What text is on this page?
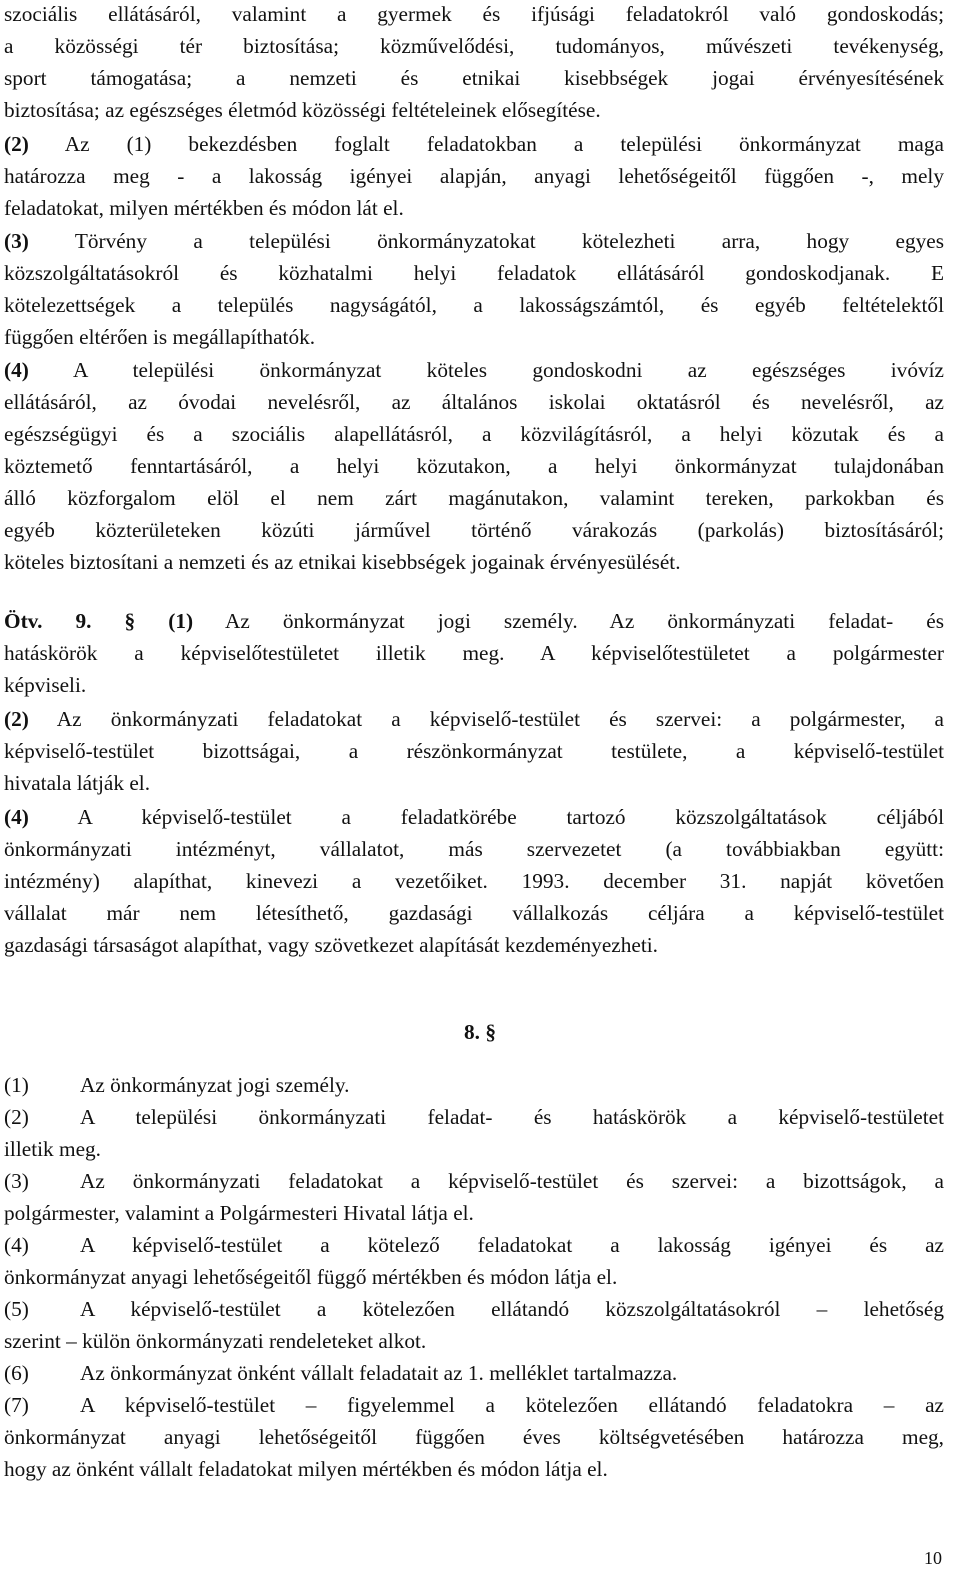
szociális ellátásáról, valamint a gyermek és ifjúsági feladatokról való gondoskodás;
a közösségi tér biztosítása; közművelődési, tudományos, művészeti tevékenység,
sport támogatása; a nemzeti és etnikai kisebbségek jogai érvényesítésének
biztosítása; az egészséges életmód közösségi feltételeinek elősegítése.
(2) Az (1) bekezdésben foglalt feladatokban a települési önkormányzat maga
határozza meg - a lakosság igényei alapján, anyagi lehetőségeitől függően -, mely
feladatokat, milyen mértékben és módon lát el.
(3) Törvény a települési önkormányzatokat kötelezheti arra, hogy egyes
közszolgáltatásokról és közhatalmi helyi feladatok ellátásáról gondoskodjanak. E
kötelezettségek a település nagyságától, a lakosságszámtól, és egyéb feltételektől
függően eltérően is megállapíthatók.
(4) A települési önkormányzat köteles gondoskodni az egészséges ivóvíz
ellátásáról, az óvodai nevelésről, az általános iskolai oktatásról és nevelésről, az
egészségügyi és a szociális alapellátásról, a közvilágításról, a helyi közutak és a
köztemető fenntartásáról, a helyi közutakon, a helyi önkormányzat tulajdonában
álló közforgalom elöl el nem zárt magánutakon, valamint tereken, parkokban és
egyéb közterületeken közúti járművel történő várakozás (parkolás) biztosításáról;
köteles biztosítani a nemzeti és az etnikai kisebbségek jogainak érvényesülését.
Ötv. 9. § (1) Az önkormányzat jogi személy. Az önkormányzati feladat- és
hatáskörök a képviselőtestületet illetik meg. A képviselőtestületet a polgármester
képviseli.
(2) Az önkormányzati feladatokat a képviselő-testület és szervei: a polgármester, a
képviselő-testület bizottságai, a részönkormányzat testülete, a képviselő-testület
hivatala látják el.
(4) A képviselő-testület a feladatkörébe tartozó közszolgáltatások céljából
önkormányzati intézményt, vállalatot, más szervezetet (a továbbiakban együtt:
intézmény) alapíthat, kinevezi a vezetőiket. 1993. december 31. napját követően
vállalat már nem létesíthető, gazdasági vállalkozás céljára a képviselő-testület
gazdasági társaságot alapíthat, vagy szövetkezet alapítását kezdeményezheti.
8. §
(1) Az önkormányzat jogi személy.
(2) A települési önkormányzati feladat- és hatáskörök a képviselő-testületet
illetik meg.
(3) Az önkormányzati feladatokat a képviselő-testület és szervei: a bizottságok, a
polgármester, valamint a Polgármesteri Hivatal látja el.
(4) A képviselő-testület a kötelező feladatokat a lakosság igényei és az
önkormányzat anyagi lehetőségeitől függő mértékben és módon látja el.
(5) A képviselő-testület a kötelezően ellátandó közszolgáltatásokról – lehetőség
szerint – külön önkormányzati rendeleteket alkot.
(6) Az önkormányzat önként vállalt feladatait az 1. melléklet tartalmazza.
(7) A képviselő-testület – figyelemmel a kötelezően ellátandó feladatokra – az
önkormányzat anyagi lehetőségeitől függően éves költségvetésében határozza meg,
hogy az önként vállalt feladatokat milyen mértékben és módon látja el.
10
